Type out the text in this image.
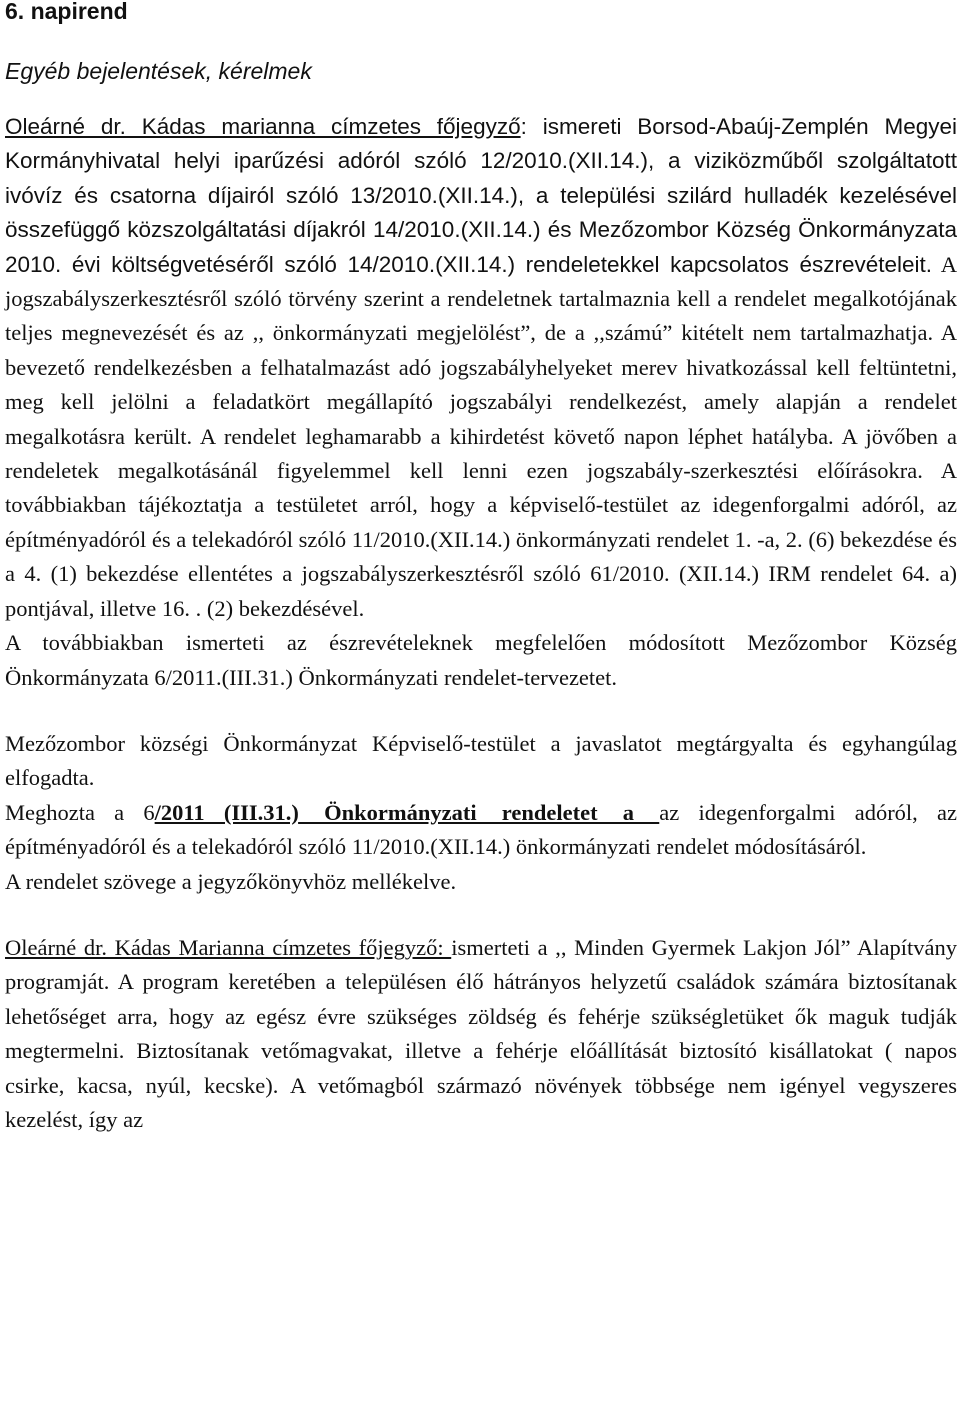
6. napirend
Egyéb bejelentések, kérelmek

Oleárné dr. Kádas marianna címzetes főjegyző: ismereti Borsod-Abaúj-Zemplén Megyei Kormányhivatal helyi iparűzési adóról szóló 12/2010.(XII.14.), a viziközműből szolgáltatott ivóvíz és csatorna díjairól szóló 13/2010.(XII.14.), a települési szilárd hulladék kezelésével összefüggő közszolgáltatási díjakról 14/2010.(XII.14.) és Mezőzombor Község Önkormányzata 2010. évi költségvetéséről szóló 14/2010.(XII.14.) rendeletekkel kapcsolatos észrevételeit. A jogszabályszerkesztésről szóló törvény szerint a rendeletnek tartalmaznia kell a rendelet megalkotójának teljes megnevezését és az ,, önkormányzati megjelölést”, de a ,,számú” kitételt nem tartalmazhatja. A bevezető rendelkezésben a felhatalmazást adó jogszabályhelyeket merev hivatkozással kell feltüntetni, meg kell jelölni a feladatkört megállapító jogszabályi rendelkezést, amely alapján a rendelet megalkotásra került. A rendelet leghamarabb a kihirdetést követő napon léphet hatályba. A jövőben a rendeletek megalkotásánál figyelemmel kell lenni ezen jogszabály-szerkesztési előírásokra. A továbbiakban tájékoztatja a testületet arról, hogy a képviselő-testület az idegenforgalmi adóról, az építményadóról és a telekadóról szóló 11/2010.(XII.14.) önkormányzati rendelet 1. -a, 2. (6) bekezdése és a 4. (1) bekezdése ellentétes a jogszabályszerkesztésről szóló 61/2010. (XII.14.) IRM rendelet 64. a) pontjával, illetve 16. . (2) bekezdésével.

A továbbiakban ismerteti az észrevételeknek megfelelően módosított Mezőzombor Község Önkormányzata 6/2011.(III.31.) Önkormányzati rendelet-tervezetet.

Mezőzombor községi Önkormányzat Képviselő-testület a javaslatot megtárgyalta és egyhangúlag elfogadta.

Meghozta a 6/2011 (III.31.) Önkormányzati rendeletet a az idegenforgalmi adóról, az építményadóról és a telekadóról szóló 11/2010.(XII.14.) önkormányzati rendelet módosításáról.

A rendelet szövege a jegyzőkönyvhöz mellékelve.

Oleárné dr. Kádas Marianna címzetes főjegyző: ismerteti a ,, Minden Gyermek Lakjon Jól” Alapítvány programját. A program keretében a településen élő hátrányos helyzetű családok számára biztosítanak lehetőséget arra, hogy az egész évre szükséges zöldség és fehérje szükségletüket ők maguk tudják megtermelni. Biztosítanak vetőmagvakat, illetve a fehérje előállítását biztosító kisállatokat ( napos csirke, kacsa, nyúl, kecske). A vetőmagból származó növények többsége nem igényel vegyszeres kezelést, így az
